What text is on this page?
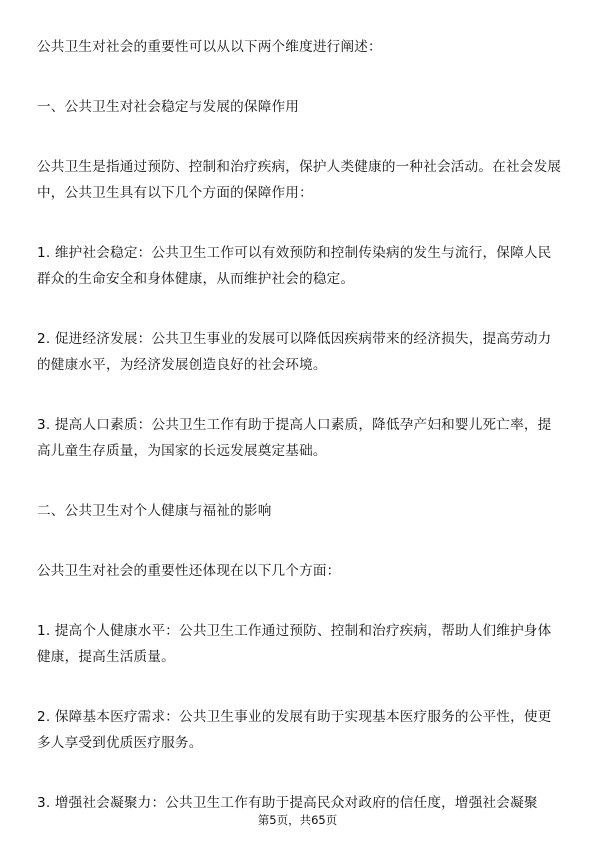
公共卫生对社会的重要性可以从以下两个维度进行阐述：

一、公共卫生对社会稳定与发展的保障作用

公共卫生是指通过预防、控制和治疗疾病，保护人类健康的一种社会活动。在社会发展中，公共卫生具有以下几个方面的保障作用：

1. 维护社会稳定：公共卫生工作可以有效预防和控制传染病的发生与流行，保障人民群众的生命安全和身体健康，从而维护社会的稳定。

2. 促进经济发展：公共卫生事业的发展可以降低因疾病带来的经济损失，提高劳动力的健康水平，为经济发展创造良好的社会环境。

3. 提高人口素质：公共卫生工作有助于提高人口素质，降低孕产妇和婴儿死亡率，提高儿童生存质量，为国家的长远发展奠定基础。

二、公共卫生对个人健康与福祉的影响

公共卫生对社会的重要性还体现在以下几个方面：

1. 提高个人健康水平：公共卫生工作通过预防、控制和治疗疾病，帮助人们维护身体健康，提高生活质量。

2. 保障基本医疗需求：公共卫生事业的发展有助于实现基本医疗服务的公平性，使更多人享受到优质医疗服务。

3. 增强社会凝聚力：公共卫生工作有助于提高民众对政府的信任度，增强社会凝聚

第5页，共65页
